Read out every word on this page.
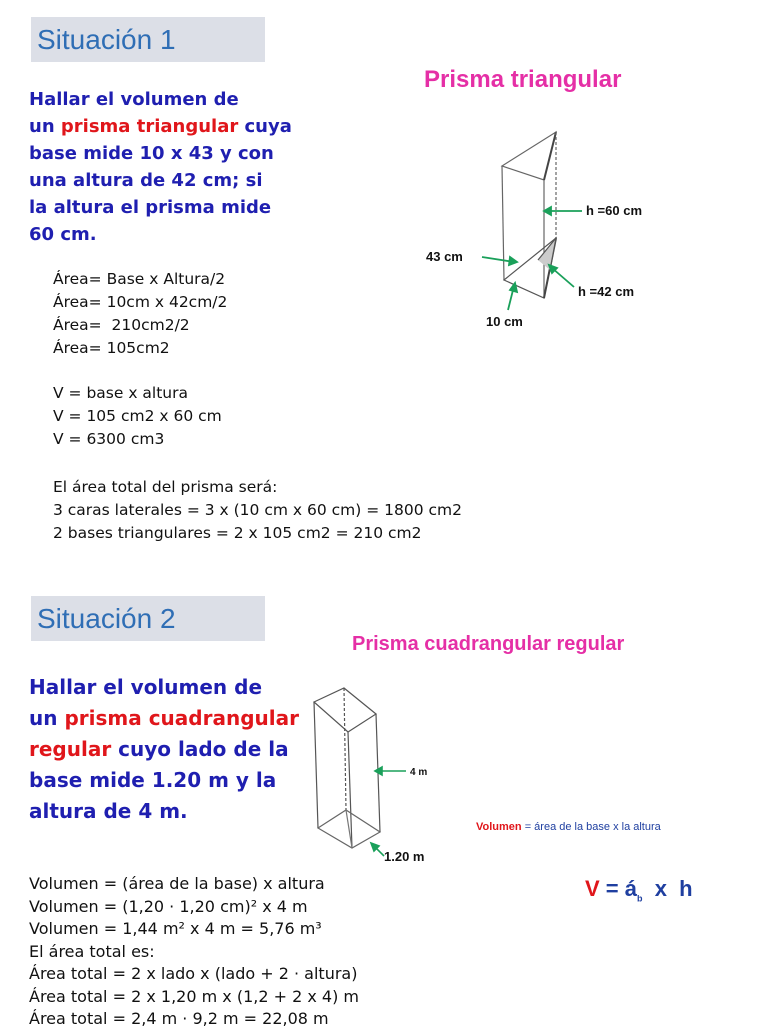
Situación 1
Hallar el volumen de
un prisma triangular cuya
base mide 10 x 43 y con
una altura de 42 cm; si
la altura el prisma mide
60 cm.
Prisma triangular
h =60 cm
43 cm
h =42 cm
10 cm
Área= Base x Altura/2
Área= 10cm x 42cm/2
Área=  210cm2/2
Área= 105cm2
V = base x altura
V = 105 cm2 x 60 cm
V = 6300 cm3
El área total del prisma será:
3 caras laterales = 3 x (10 cm x 60 cm) = 1800 cm2
2 bases triangulares = 2 x 105 cm2 = 210 cm2
Situación 2
Prisma cuadrangular regular
Hallar el volumen de
un prisma cuadrangular
regular cuyo lado de la
base mide 1.20 m y la
altura de 4 m.
4 m
1.20 m
Volumen = área de la base x la altura
$V = á_b$  x  h
Volumen = (área de la base) x altura
Volumen = (1,20 · 1,20 cm)² x 4 m
Volumen = 1,44 m² x 4 m = 5,76 m³
El área total es:
Área total = 2 x lado x (lado + 2 · altura)
Área total = 2 x 1,20 m x (1,2 + 2 x 4) m
Área total = 2,4 m · 9,2 m = 22,08 m
